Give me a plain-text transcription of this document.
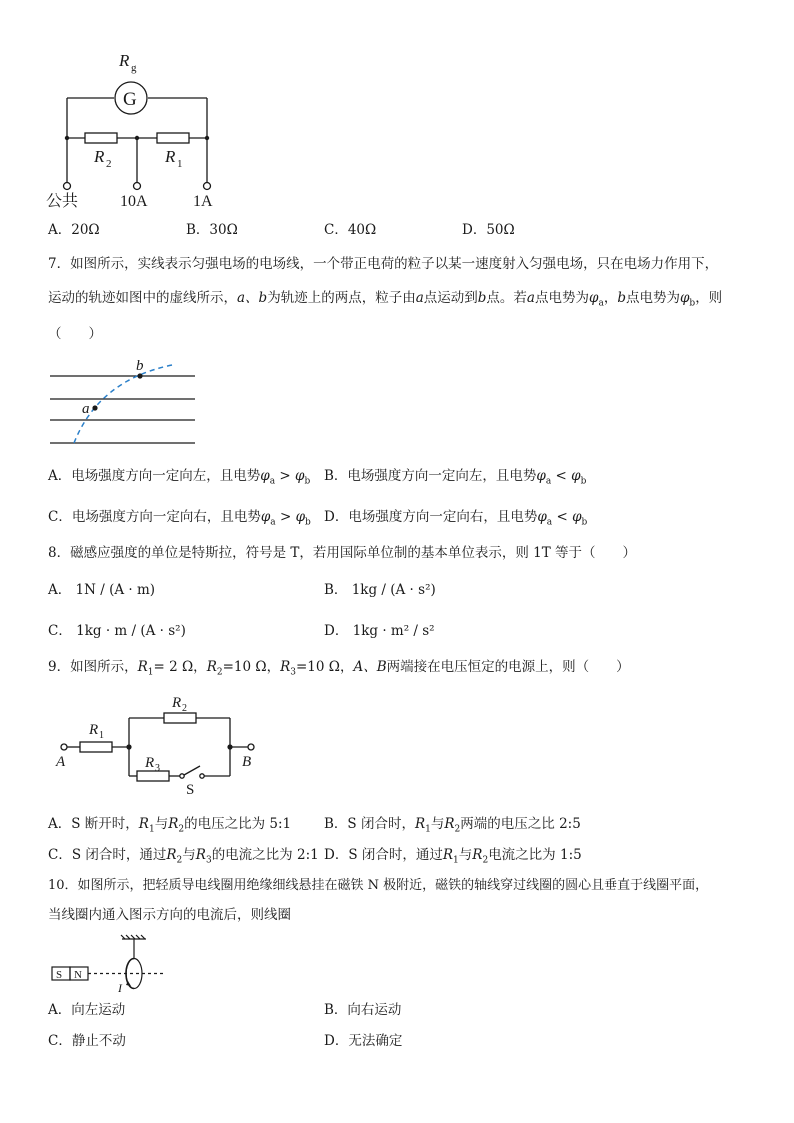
R g
G
R 2	R 1
公共	10A	1A
A．20Ω	B．30Ω	C．40Ω	D．50Ω
7．如图所示，实线表示匀强电场的电场线，一个带正电荷的粒子以某一速度射入匀强电场，只在电场力作用下，
运动的轨迹如图中的虚线所示，a、b为轨迹上的两点，粒子由a点运动到b点。若a点电势为$\varphi_a$，b点电势为$\varphi_b$，则
（　　）
b
a
A．电场强度方向一定向左，且电势$\varphi_a > \varphi_b$ B．电场强度方向一定向左，且电势$\varphi_a < \varphi_b$
C．电场强度方向一定向右，且电势$\varphi_a > \varphi_b$ D．电场强度方向一定向右，且电势$\varphi_a < \varphi_b$
8．磁感应强度的单位是特斯拉，符号是 T，若用国际单位制的基本单位表示，则 1T 等于（　　）
A． 1N / (A · m)	B． 1kg / (A · s²)
C． 1kg · m / (A · s²)	D． 1kg · m² / s²
9．如图所示，$R_1= 2$ Ω，$R_2=10$ Ω，$R_3=10$ Ω，A、B两端接在电压恒定的电源上，则（　　）
R 1
R 2
R 3
A	B
S
A．S 断开时，$R_1$与$R_2$的电压之比为 5:1 B．S 闭合时，$R_1$与$R_2$两端的电压之比 2:5
C．S 闭合时，通过$R_2$与$R_3$的电流之比为 2:1 D．S 闭合时，通过$R_1$与$R_2$电流之比为 1:5
10．如图所示，把轻质导电线圈用绝缘细线悬挂在磁铁 N 极附近，磁铁的轴线穿过线圈的圆心且垂直于线圈平面，
当线圈内通入图示方向的电流后，则线圈
S N
I
A．向左运动	B．向右运动
C．静止不动	D．无法确定
